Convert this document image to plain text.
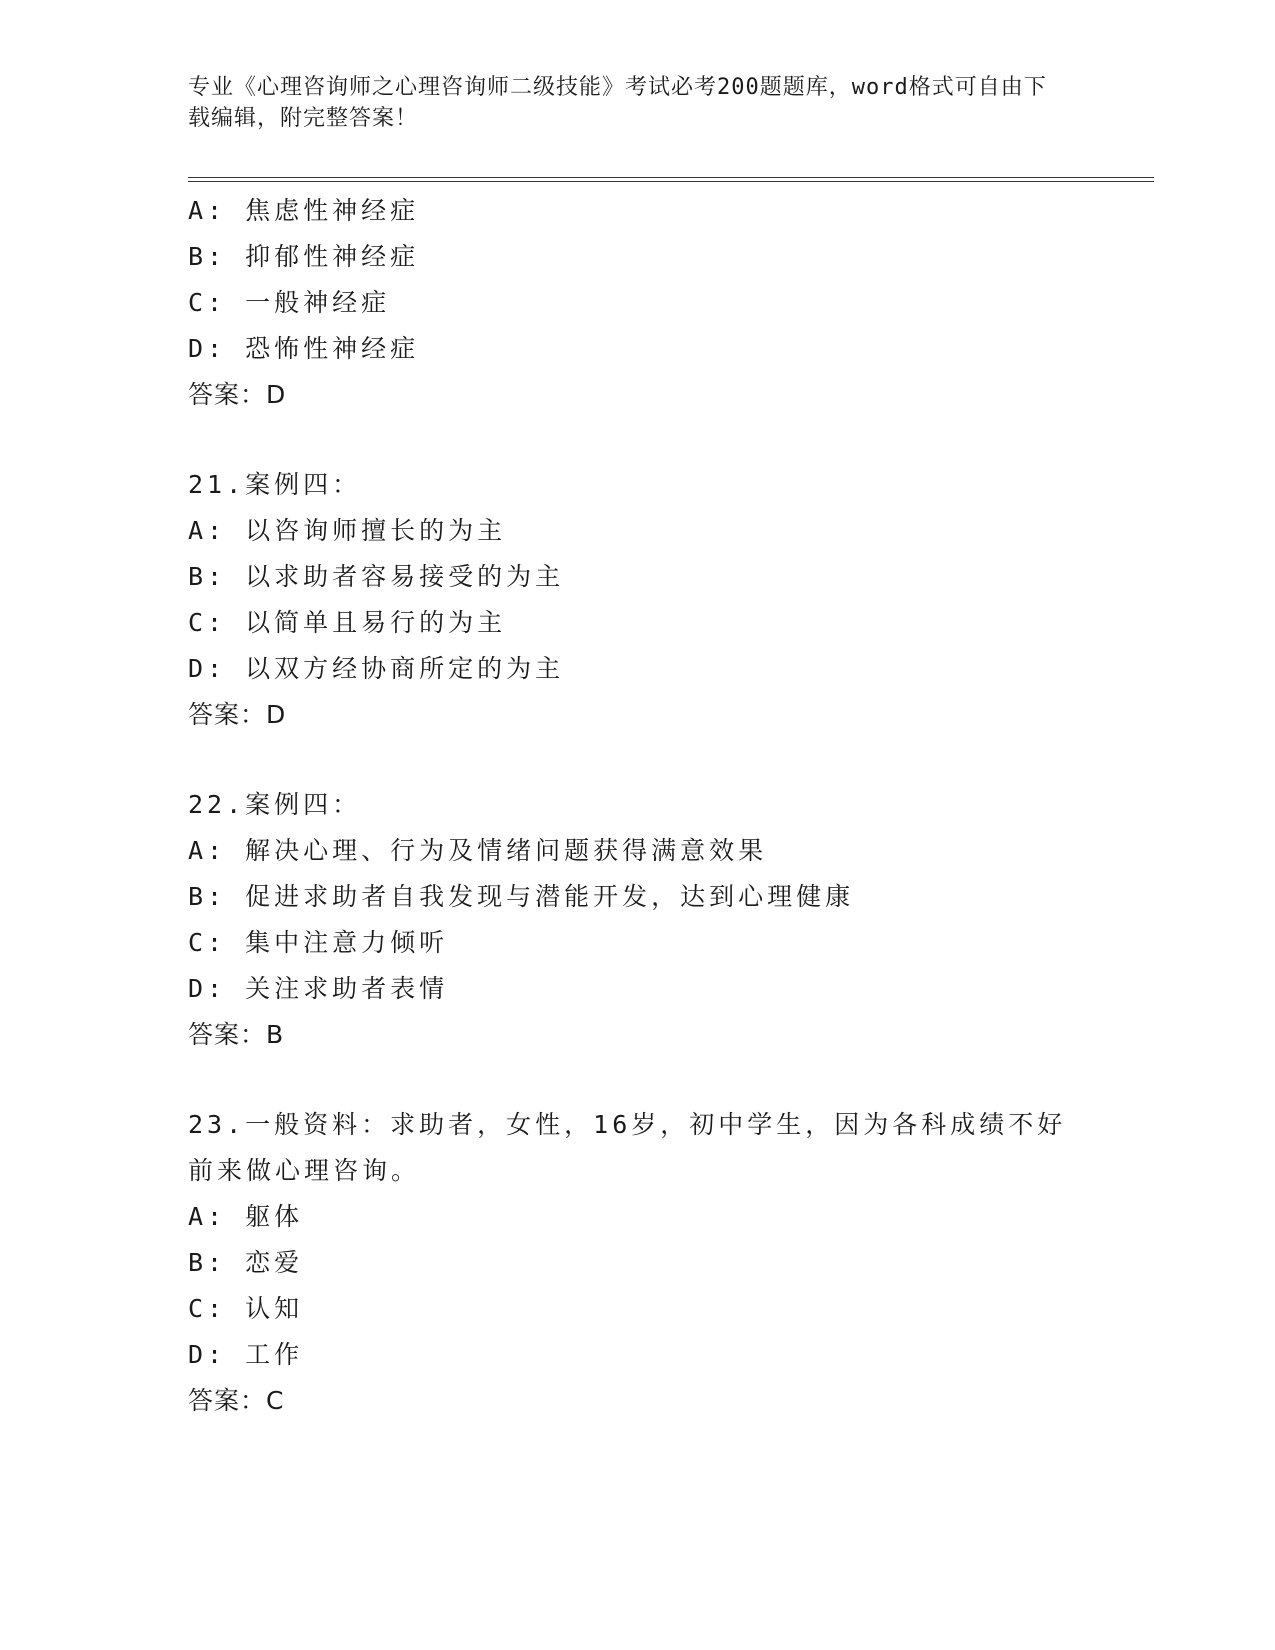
专业《心理咨询师之心理咨询师二级技能》考试必考200题题库，word格式可自由下载编辑，附完整答案！
A: 焦虑性神经症
B: 抑郁性神经症
C: 一般神经症
D: 恐怖性神经症
答案：D
21.案例四：
A: 以咨询师擅长的为主
B: 以求助者容易接受的为主
C: 以简单且易行的为主
D: 以双方经协商所定的为主
答案：D
22.案例四：
A: 解决心理、行为及情绪问题获得满意效果
B: 促进求助者自我发现与潜能开发，达到心理健康
C: 集中注意力倾听
D: 关注求助者表情
答案：B
23.一般资料：求助者，女性，16岁，初中学生，因为各科成绩不好前来做心理咨询。
A: 躯体
B: 恋爱
C: 认知
D: 工作
答案：C
